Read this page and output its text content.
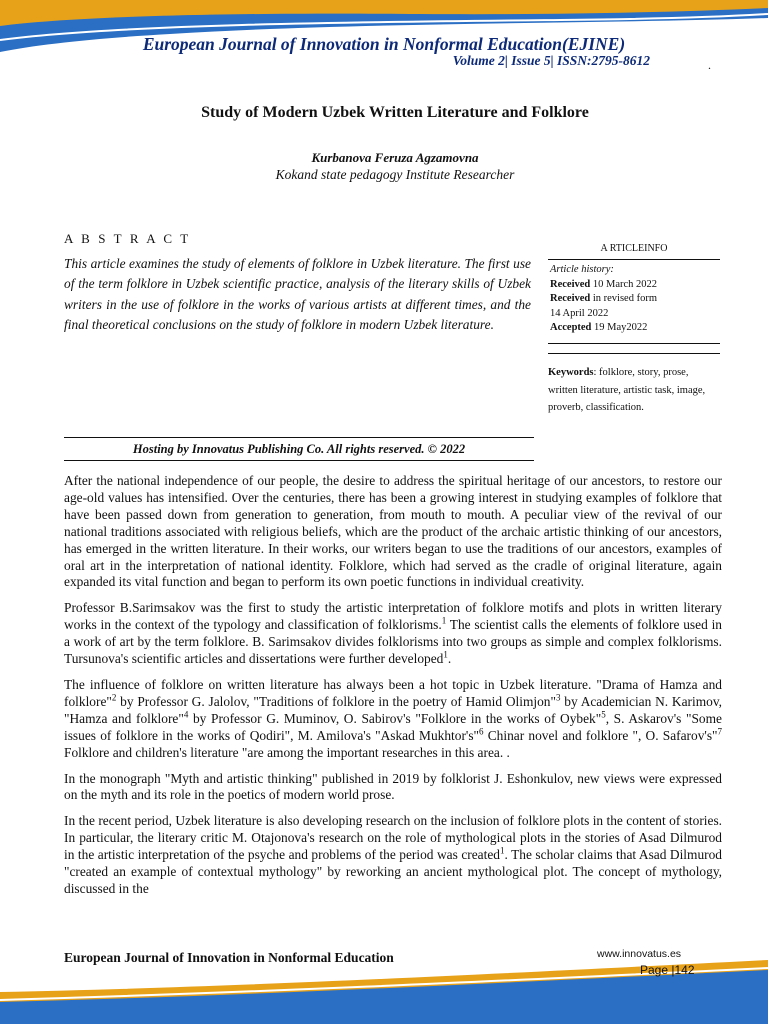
European Journal of Innovation in Nonformal Education(EJINE)
Volume 2| Issue 5| ISSN:2795-8612	.
Study of Modern Uzbek Written Literature and Folklore
Kurbanova Feruza Agzamovna
Kokand state pedagogy Institute Researcher
A B S T R A C T
This article examines the study of elements of folklore in Uzbek literature. The first use of the term folklore in Uzbek scientific practice, analysis of the literary skills of Uzbek writers in the use of folklore in the works of various artists at different times, and the final theoretical conclusions on the study of folklore in modern Uzbek literature.
A RTICLEINFO
Article history:
Received 10 March 2022
Received in revised form
14 April 2022
Accepted 19 May2022
Keywords: folklore, story, prose, written literature, artistic task, image, proverb, classification.
Hosting by Innovatus Publishing Co. All rights reserved. © 2022

After the national independence of our people, the desire to address the spiritual heritage of our ancestors, to restore our age-old values has intensified. Over the centuries, there has been a growing interest in studying examples of folklore that have been passed down from generation to generation, from mouth to mouth. A peculiar view of the revival of our national traditions associated with religious beliefs, which are the product of the archaic artistic thinking of our ancestors, has emerged in the written literature. In their works, our writers began to use the traditions of our ancestors, examples of oral art in the interpretation of national identity. Folklore, which had served as the cradle of original literature, again expanded its vital function and began to perform its own poetic functions in individual creativity.

Professor B.Sarimsakov was the first to study the artistic interpretation of folklore motifs and plots in written literary works in the context of the typology and classification of folklorisms.$^1$ The scientist calls the elements of folklore used in a work of art by the term folklore. B. Sarimsakov divides folklorisms into two groups as simple and complex folklorisms. Tursunova's scientific articles and dissertations were further developed$^1$.

The influence of folklore on written literature has always been a hot topic in Uzbek literature. "Drama of Hamza and folklore"$^2$ by Professor G. Jalolov, "Traditions of folklore in the poetry of Hamid Olimjon"$^3$ by Academician N. Karimov, "Hamza and folklore"$^4$ by Professor G. Muminov, O. Sabirov's "Folklore in the works of Oybek"$^5$, S. Askarov's "Some issues of folklore in the works of Qodiri", M. Amilova's "Askad Mukhtor's"$^6$ Chinar novel and folklore ", O. Safarov's"$^7$ Folklore and children's literature "are among the important researches in this area. .

In the monograph "Myth and artistic thinking" published in 2019 by folklorist J. Eshonkulov, new views were expressed on the myth and its role in the poetics of modern world prose.

In the recent period, Uzbek literature is also developing research on the inclusion of folklore plots in the content of stories. In particular, the literary critic M. Otajonova's research on the role of mythological plots in the stories of Asad Dilmurod in the artistic interpretation of the psyche and problems of the period was created$^1$. The scholar claims that Asad Dilmurod "created an example of contextual mythology" by reworking an ancient mythological plot. The concept of mythology, discussed in the

European Journal of Innovation in Nonformal Education	www.innovatus.es
Page |142
